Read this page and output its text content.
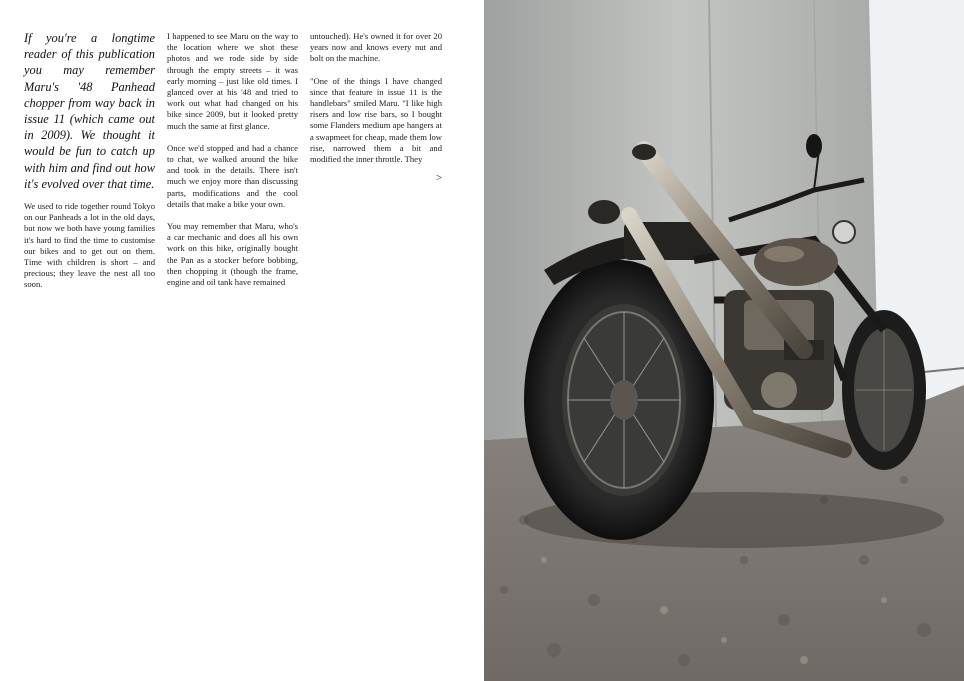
If you're a longtime reader of this publication you may remember Maru's '48 Panhead chopper from way back in issue 11 (which came out in 2009). We thought it would be fun to catch up with him and find out how it's evolved over that time.

We used to ride together round Tokyo on our Panheads a lot in the old days, but now we both have young families it's hard to find the time to customise our bikes and to get out on them. Time with children is short – and precious; they leave the nest all too soon.

I happened to see Maru on the way to the location where we shot these photos and we rode side by side through the empty streets – it was early morning – just like old times. I glanced over at his '48 and tried to work out what had changed on his bike since 2009, but it looked pretty much the same at first glance.

Once we'd stopped and had a chance to chat, we walked around the bike and took in the details. There isn't much we enjoy more than discussing parts, modifications and the cool details that make a bike your own.

You may remember that Maru, who's a car mechanic and does all his own work on this bike, originally bought the Pan as a stocker before bobbing, then chopping it (though the frame, engine and oil tank have remained

untouched). He's owned it for over 20 years now and knows every nut and bolt on the machine.

"One of the things I have changed since that feature in issue 11 is the handlebars" smiled Maru. "I like high risers and low rise bars, so I bought some Flanders medium ape hangers at a swapmeet for cheap, made them low rise, narrowed them a bit and modified the inner throttle. They

>
